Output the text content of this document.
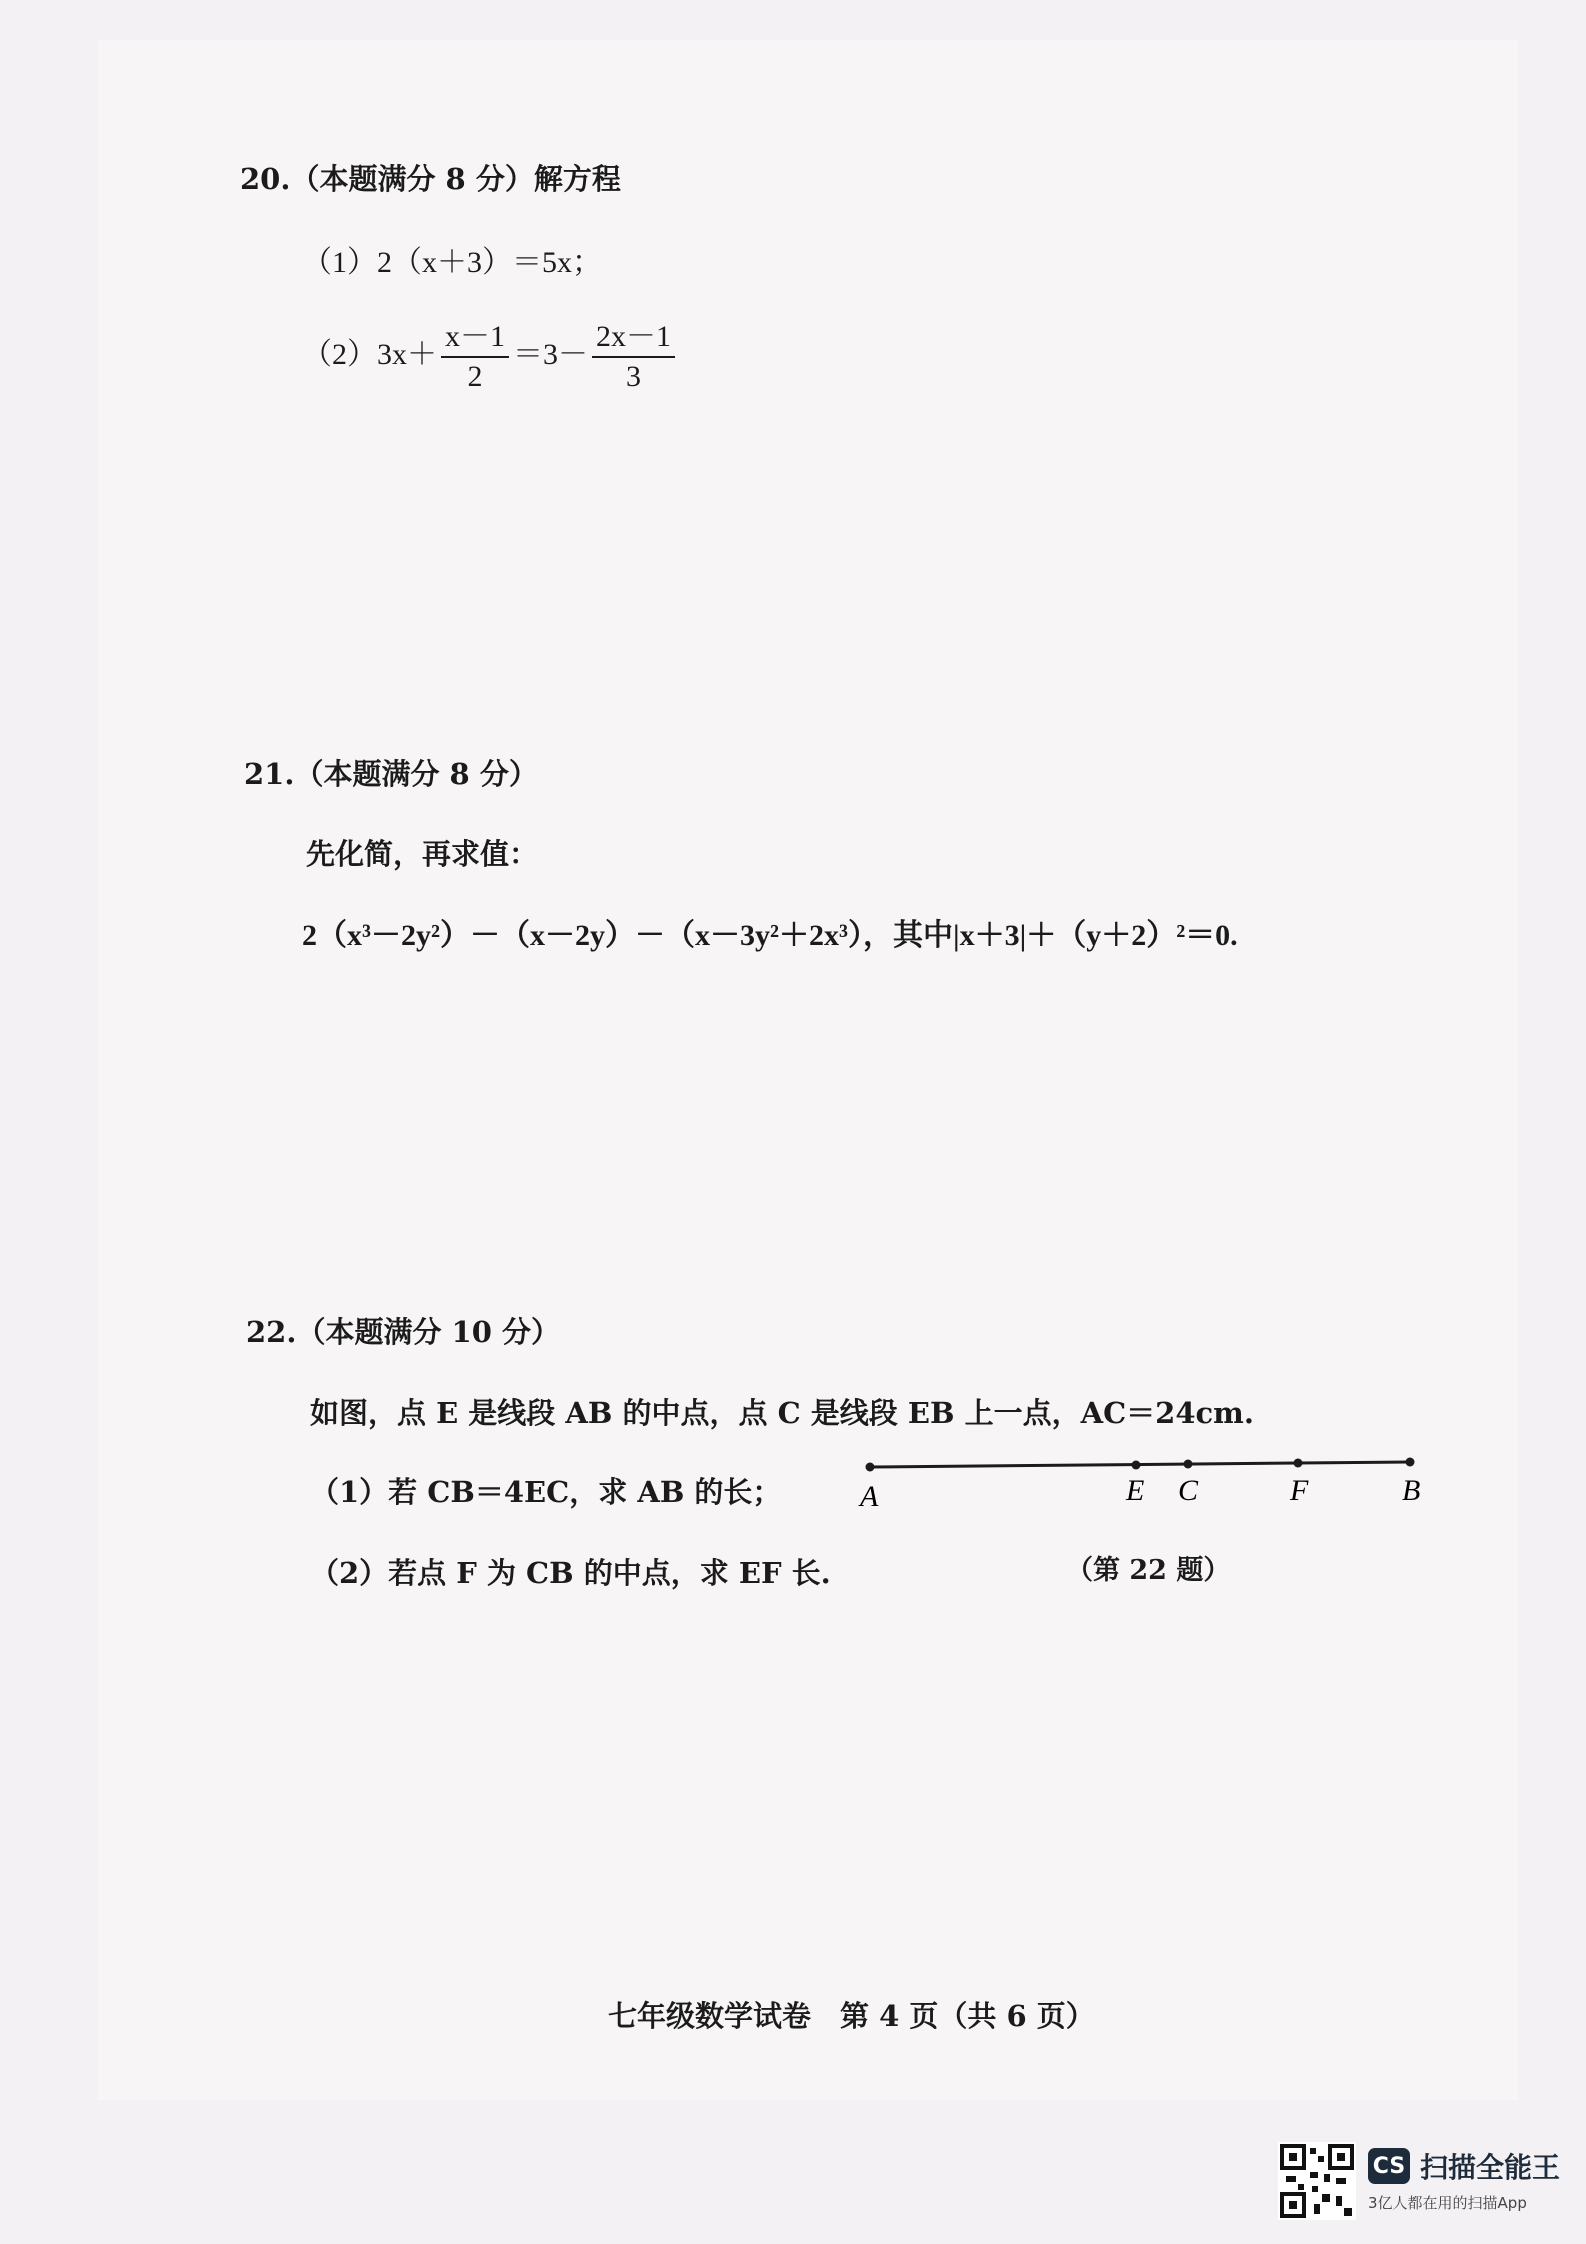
20.（本题满分 8 分）解方程
（1）2（x＋3）＝5x；
$(2)3x+ \frac{x-1}{2} =3- \frac{2x-1}{3}$
21.（本题满分 8 分）
先化简，再求值：
2（x³－2y²）－（x－2y）－（x－3y²＋2x³），其中|x＋3|＋（y＋2）²＝0.
22.（本题满分 10 分）
如图，点 E 是线段 AB 的中点，点 C 是线段 EB 上一点，AC＝24cm.
（1）若 CB＝4EC，求 AB 的长；
（2）若点 F 为 CB 的中点，求 EF 长.
A	E C	F	B
（第 22 题）
七年级数学试卷　第 4 页（共 6 页）
CS 扫描全能王
3亿人都在用的扫描App
